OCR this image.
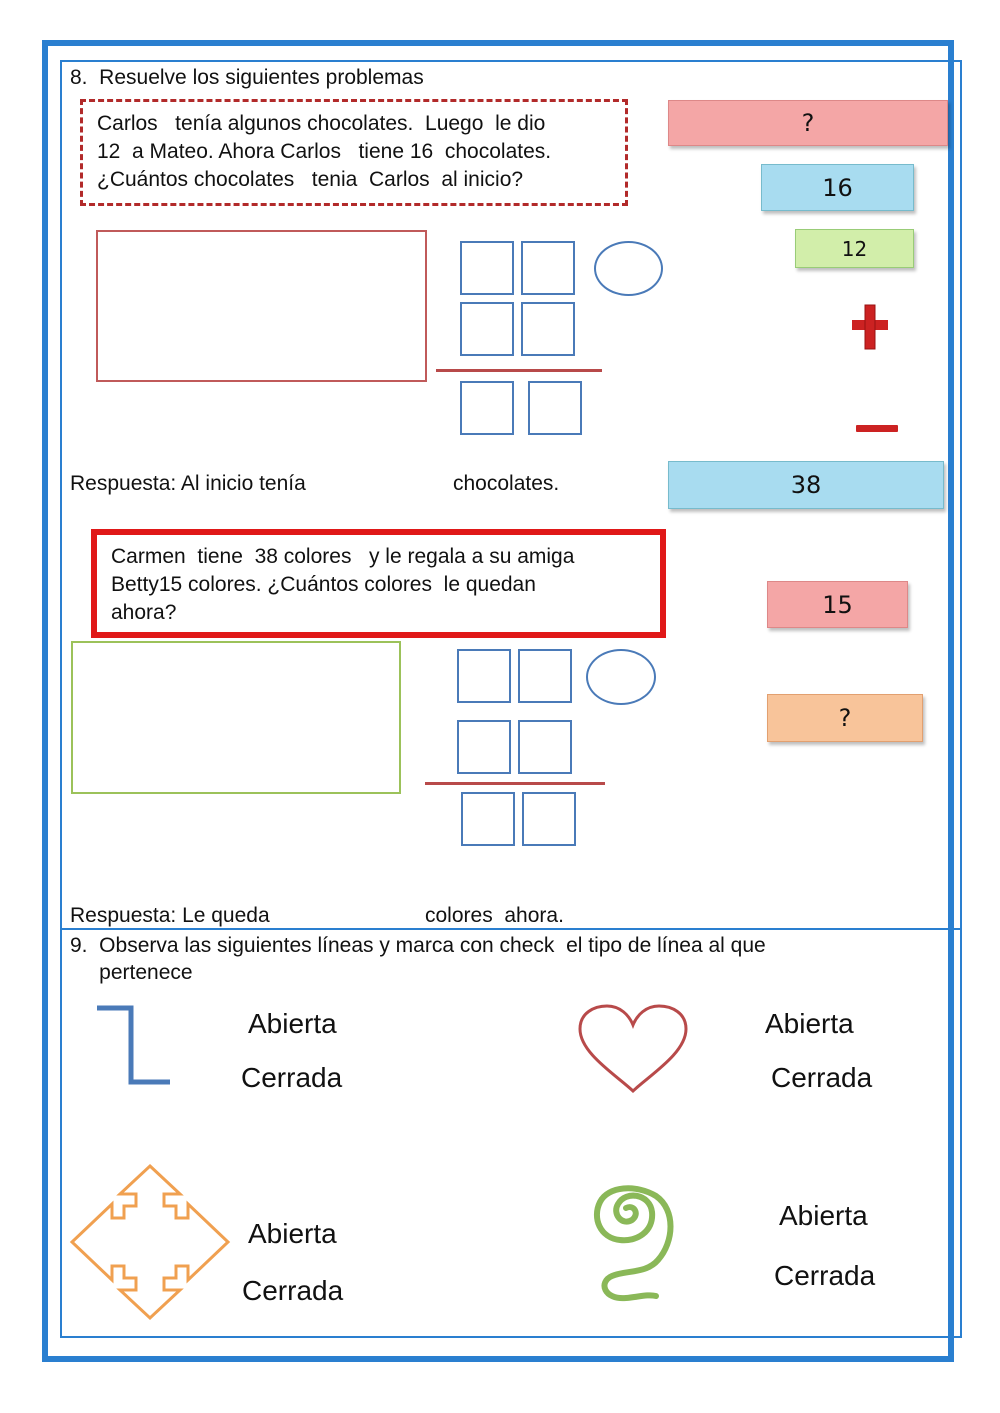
8.  Resuelve los siguientes problemas
Carlos   tenía algunos chocolates.  Luego  le dio
12  a Mateo. Ahora Carlos   tiene 16  chocolates.
¿Cuántos chocolates   tenia  Carlos  al inicio?
?
16
12
Respuesta: Al inicio tenía	chocolates.	38
Carmen  tiene  38 colores   y le regala a su amiga
Betty15 colores. ¿Cuántos colores  le quedan
ahora?	15
?
Respuesta: Le queda	colores  ahora.
9.  Observa las siguientes líneas y marca con check  el tipo de línea al que
pertenece
Abierta
Cerrada
Abierta
Cerrada
Abierta
Cerrada
Abierta
Cerrada
